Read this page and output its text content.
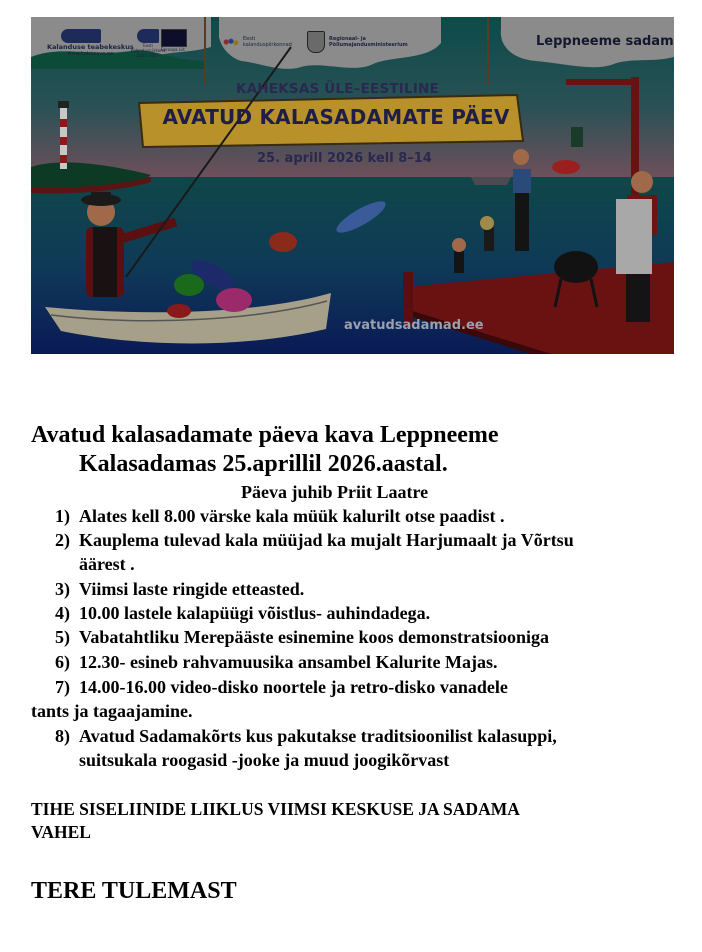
Kalanduse teabekeskus
www.kalateave.ee
Eesti Kalanduspiirkond 2021–2027
Euroopa Liit
Eesti kalanduspiirkonnad
Regionaal- ja Põllumajandusministeerium	Leppneeme sadam
KAHEKSAS ÜLE–EESTILINE
AVATUD KALASADAMATE PÄEV
25. aprill 2026 kell 8–14
avatudsadamad.ee
Avatud kalasadamate päeva kava Leppneeme
Kalasadamas 25.aprillil 2026.aastal.
Päeva juhib Priit Laatre
1) Alates kell 8.00 värske kala müük kalurilt otse paadist .
2) Kauplema tulevad kala müüjad ka mujalt Harjumaalt ja Võrtsu
äärest .
3) Viimsi laste ringide etteasted.
4) 10.00 lastele kalapüügi võistlus- auhindadega.
5) Vabatahtliku Merepääste esinemine koos demonstratsiooniga
6) 12.30- esineb rahvamuusika ansambel Kalurite Majas.
7) 14.00-16.00 video-disko noortele ja retro-disko vanadele
tants ja tagaajamine.
8) Avatud Sadamakõrts kus pakutakse traditsioonilist kalasuppi,
suitsukala roogasid -jooke ja muud joogikõrvast
TIHE SISELIINIDE LIIKLUS VIIMSI KESKUSE JA SADAMA
VAHEL
TERE TULEMAST
